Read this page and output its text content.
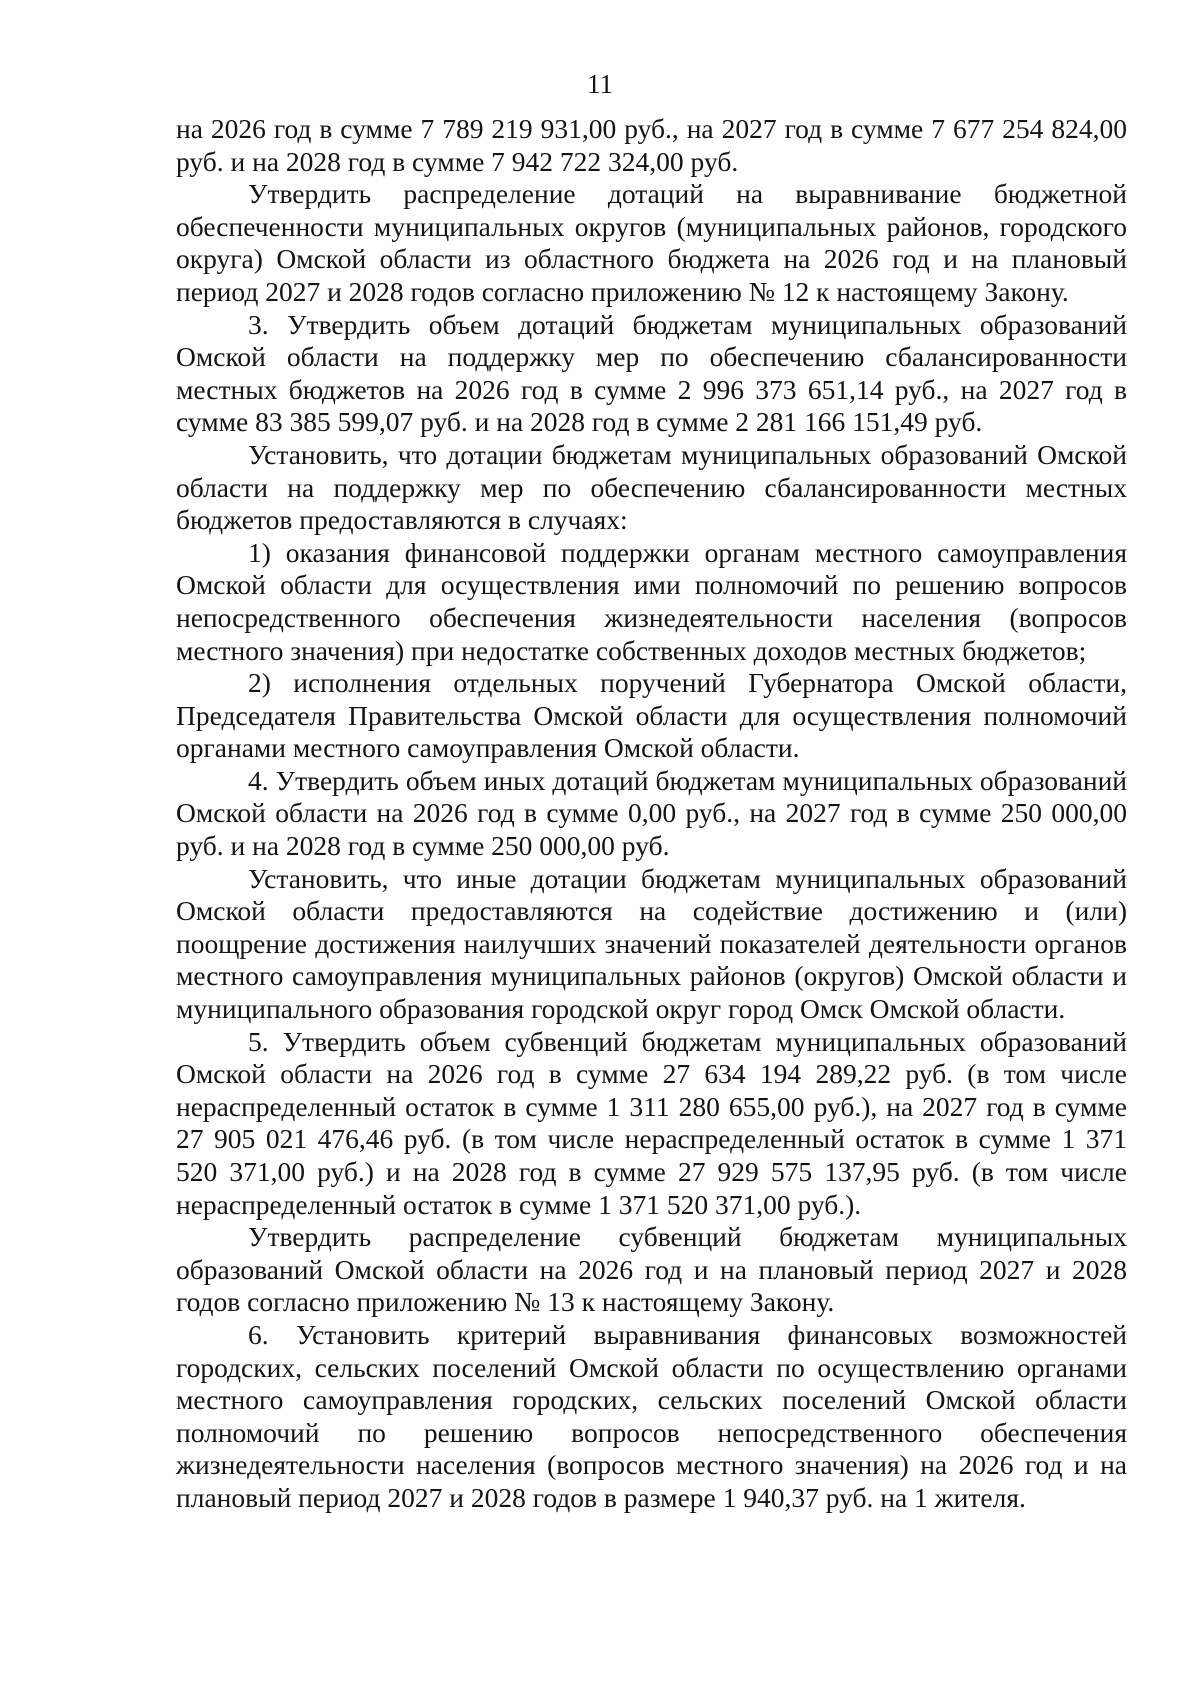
11

на 2026 год в сумме 7 789 219 931,00 руб., на 2027 год в сумме 7 677 254 824,00 руб. и на 2028 год в сумме 7 942 722 324,00 руб.

Утвердить распределение дотаций на выравнивание бюджетной обеспеченности муниципальных округов (муниципальных районов, городского округа) Омской области из областного бюджета на 2026 год и на плановый период 2027 и 2028 годов согласно приложению № 12 к настоящему Закону.

3. Утвердить объем дотаций бюджетам муниципальных образований Омской области на поддержку мер по обеспечению сбалансированности местных бюджетов на 2026 год в сумме 2 996 373 651,14 руб., на 2027 год в сумме 83 385 599,07 руб. и на 2028 год в сумме 2 281 166 151,49 руб.

Установить, что дотации бюджетам муниципальных образований Омской области на поддержку мер по обеспечению сбалансированности местных бюджетов предоставляются в случаях:

1) оказания финансовой поддержки органам местного самоуправления Омской области для осуществления ими полномочий по решению вопросов непосредственного обеспечения жизнедеятельности населения (вопросов местного значения) при недостатке собственных доходов местных бюджетов;

2) исполнения отдельных поручений Губернатора Омской области, Председателя Правительства Омской области для осуществления полномочий органами местного самоуправления Омской области.

4. Утвердить объем иных дотаций бюджетам муниципальных образований Омской области на 2026 год в сумме 0,00 руб., на 2027 год в сумме 250 000,00 руб. и на 2028 год в сумме 250 000,00 руб.

Установить, что иные дотации бюджетам муниципальных образований Омской области предоставляются на содействие достижению и (или) поощрение достижения наилучших значений показателей деятельности органов местного самоуправления муниципальных районов (округов) Омской области и муниципального образования городской округ город Омск Омской области.

5. Утвердить объем субвенций бюджетам муниципальных образований Омской области на 2026 год в сумме 27 634 194 289,22 руб. (в том числе нераспределенный остаток в сумме 1 311 280 655,00 руб.), на 2027 год в сумме 27 905 021 476,46 руб. (в том числе нераспределенный остаток в сумме 1 371 520 371,00 руб.) и на 2028 год в сумме 27 929 575 137,95 руб. (в том числе нераспределенный остаток в сумме 1 371 520 371,00 руб.).

Утвердить распределение субвенций бюджетам муниципальных образований Омской области на 2026 год и на плановый период 2027 и 2028 годов согласно приложению № 13 к настоящему Закону.

6. Установить критерий выравнивания финансовых возможностей городских, сельских поселений Омской области по осуществлению органами местного самоуправления городских, сельских поселений Омской области полномочий по решению вопросов непосредственного обеспечения жизнедеятельности населения (вопросов местного значения) на 2026 год и на плановый период 2027 и 2028 годов в размере 1 940,37 руб. на 1 жителя.
